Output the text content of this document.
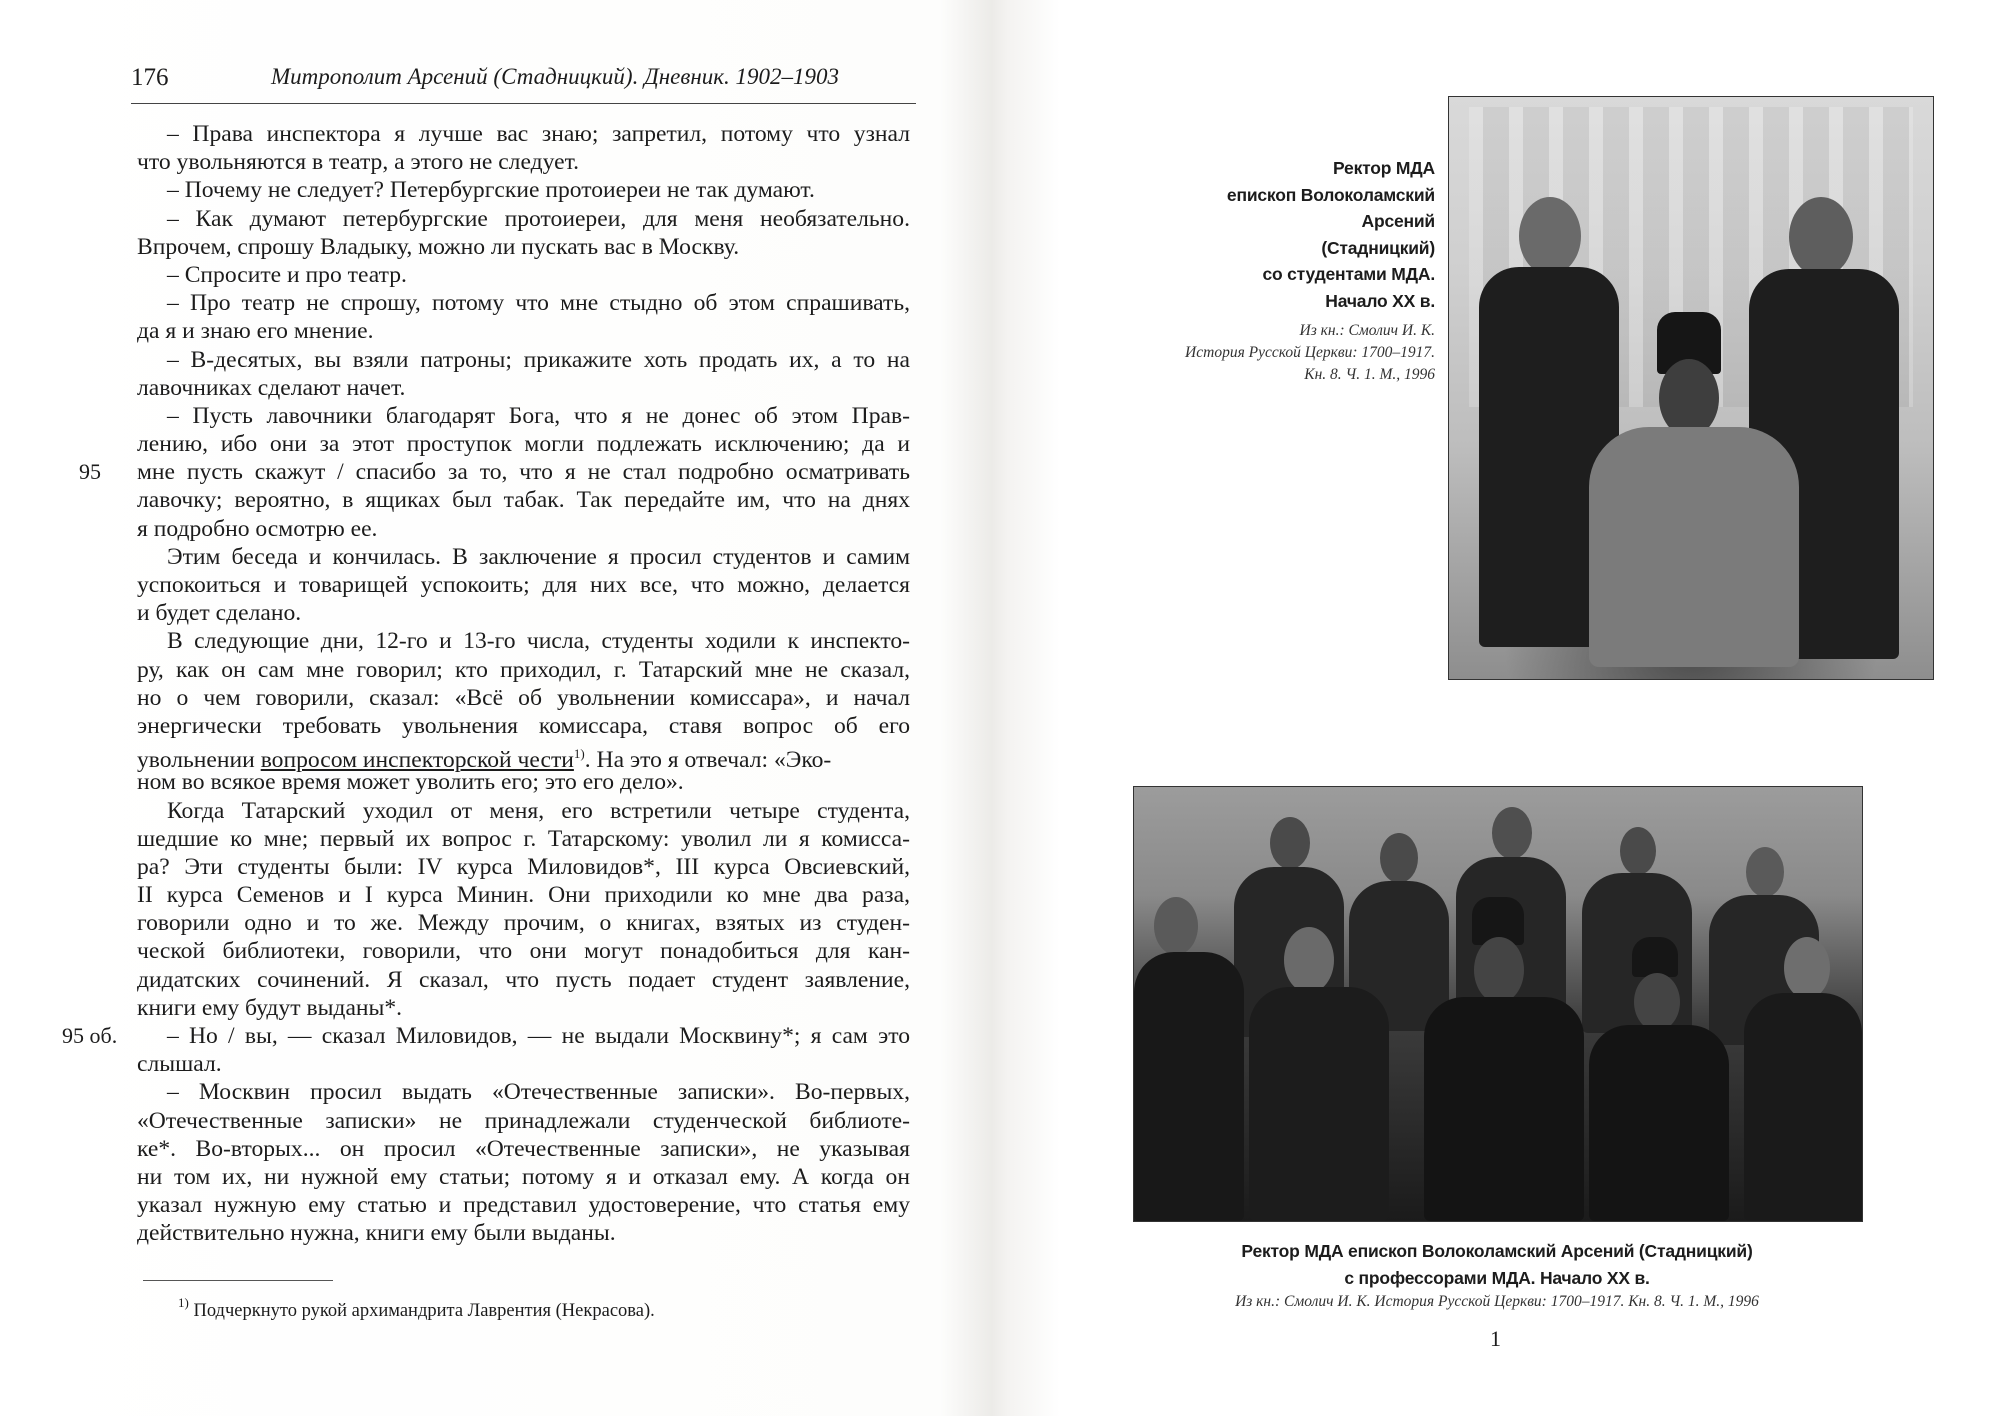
176	Митрополит Арсений (Стадницкий). Дневник. 1902–1903
– Права инспектора я лучше вас знаю; запретил, потому что узнал
что увольняются в театр, а этого не следует.
– Почему не следует? Петербургские протоиереи не так думают.
– Как думают петербургские протоиереи, для меня необязательно.
Впрочем, спрошу Владыку, можно ли пускать вас в Москву.
– Спросите и про театр.
– Про театр не спрошу, потому что мне стыдно об этом спрашивать,
да я и знаю его мнение.
– В-десятых, вы взяли патроны; прикажите хоть продать их, а то на
лавочниках сделают начет.
– Пусть лавочники благодарят Бога, что я не донес об этом Прав-
лению, ибо они за этот проступок могли подлежать исключению; да и
95 мне пусть скажут / спасибо за то, что я не стал подробно осматривать
лавочку; вероятно, в ящиках был табак. Так передайте им, что на днях
я подробно осмотрю ее.
Этим беседа и кончилась. В заключение я просил студентов и самим
успокоиться и товарищей успокоить; для них все, что можно, делается
и будет сделано.
В следующие дни, 12-го и 13-го числа, студенты ходили к инспекто-
ру, как он сам мне говорил; кто приходил, г. Татарский мне не сказал,
но о чем говорили, сказал: «Всё об увольнении комиссара», и начал
энергически требовать увольнения комиссара, ставя вопрос об его
увольнении вопросом инспекторской чести$^{1)}$. На это я отвечал: «Эко-
ном во всякое время может уволить его; это его дело».
Когда Татарский уходил от меня, его встретили четыре студента,
шедшие ко мне; первый их вопрос г. Татарскому: уволил ли я комисса-
ра? Эти студенты были: IV курса Миловидов*, III курса Овсиевский,
II курса Семенов и I курса Минин. Они приходили ко мне два раза,
говорили одно и то же. Между прочим, о книгах, взятых из студен-
ческой библиотеки, говорили, что они могут понадобиться для кан-
дидатских сочинений. Я сказал, что пусть подает студент заявление,
книги ему будут выданы*.
95 об. – Но / вы, — сказал Миловидов, — не выдали Москвину*; я сам это
слышал.
– Москвин просил выдать «Отечественные записки». Во-первых,
«Отечественные записки» не принадлежали студенческой библиоте-
ке*. Во-вторых... он просил «Отечественные записки», не указывая
ни том их, ни нужной ему статьи; потому я и отказал ему. А когда он
указал нужную ему статью и представил удостоверение, что статья ему
действительно нужна, книги ему были выданы.
$^{1)}$ Подчеркнуто рукой архимандрита Лаврентия (Некрасова).
Ректор МДА
епископ Волоколамский Арсений
(Стадницкий)
со студентами МДА.
Начало XX в.
Из кн.: Смолич И. К.
История Русской Церкви: 1700–1917.
Кн. 8. Ч. 1. М., 1996
Ректор МДА епископ Волоколамский Арсений (Стадницкий)
с профессорами МДА. Начало XX в.
Из кн.: Смолич И. К. История Русской Церкви: 1700–1917. Кн. 8. Ч. 1. М., 1996
1
